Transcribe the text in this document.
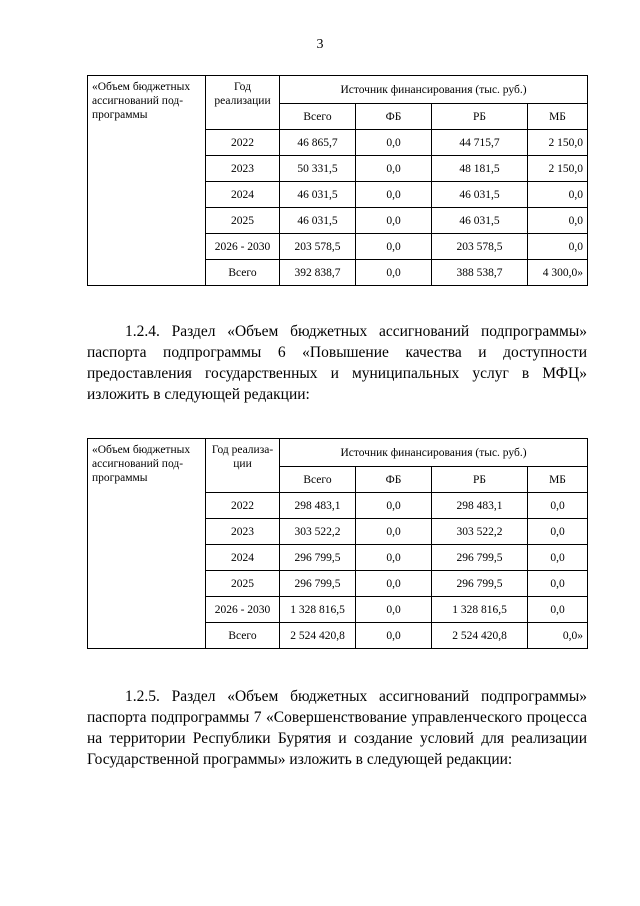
3
«Объем бюджетных ассигнований под-программы	Год реализации	Источник финансирования (тыс. руб.)			
		Всего	ФБ	РБ	МБ
	2022	46 865,7	0,0	44 715,7	2 150,0
	2023	50 331,5	0,0	48 181,5	2 150,0
	2024	46 031,5	0,0	46 031,5	0,0
	2025	46 031,5	0,0	46 031,5	0,0
	2026 - 2030	203 578,5	0,0	203 578,5	0,0
	Всего	392 838,7	0,0	388 538,7	4 300,0»

1.2.4. Раздел «Объем бюджетных ассигнований подпрограммы» паспорта подпрограммы 6 «Повышение качества и доступности предоставления государственных и муниципальных услуг в МФЦ» изложить в следующей редакции:

«Объем бюджетных ассигнований под-программы	Год реализа-ции	Источник финансирования (тыс. руб.)			
		Всего	ФБ	РБ	МБ
	2022	298 483,1	0,0	298 483,1	0,0
	2023	303 522,2	0,0	303 522,2	0,0
	2024	296 799,5	0,0	296 799,5	0,0
	2025	296 799,5	0,0	296 799,5	0,0
	2026 - 2030	1 328 816,5	0,0	1 328 816,5	0,0
	Всего	2 524 420,8	0,0	2 524 420,8	0,0»

1.2.5. Раздел «Объем бюджетных ассигнований подпрограммы» паспорта подпрограммы 7 «Совершенствование управленческого процесса на территории Республики Бурятия и создание условий для реализации Государственной программы» изложить в следующей редакции:
